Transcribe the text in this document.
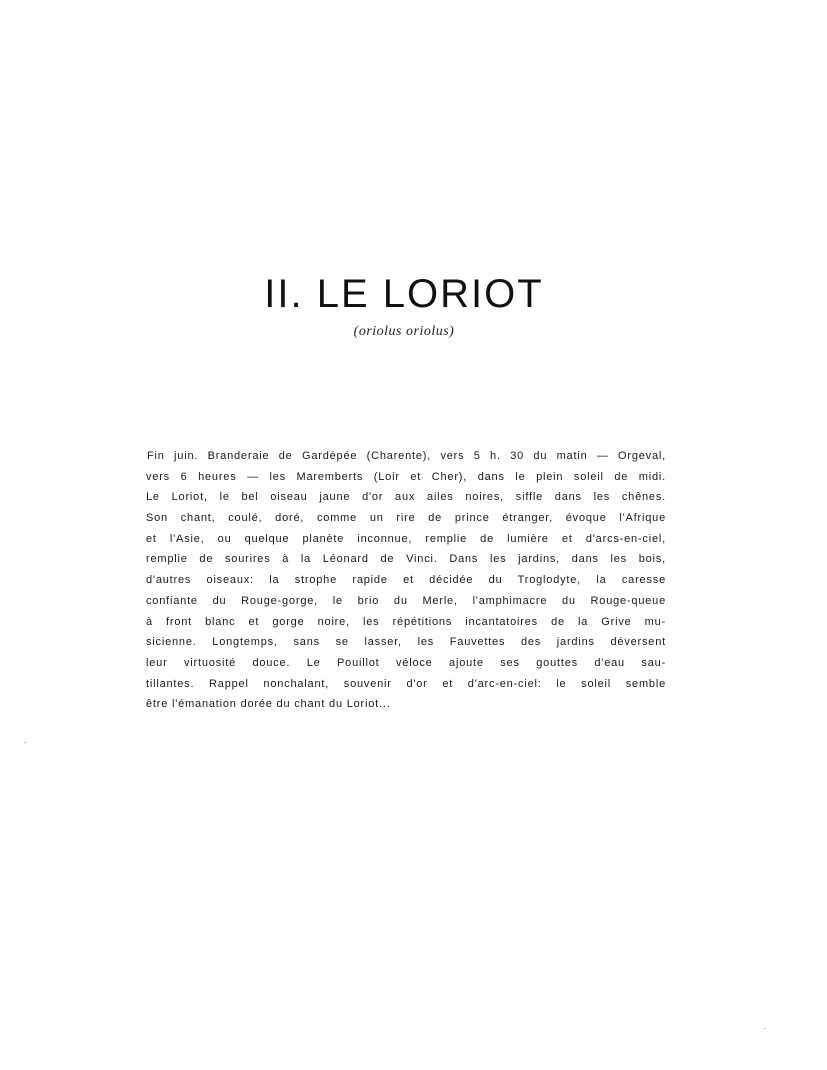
II. LE LORIOT
(oriolus oriolus)
Fin juin. Branderaie de Gardépée (Charente), vers 5 h. 30 du matin — Orgeval,
vers 6 heures — les Maremberts (Loir et Cher), dans le plein soleil de midi.
Le Loriot, le bel oiseau jaune d'or aux ailes noires, siffle dans les chênes.
Son chant, coulé, doré, comme un rire de prince étranger, évoque l'Afrique
et l'Asie, ou quelque planète inconnue, remplie de lumière et d'arcs-en-ciel,
remplie de sourires à la Léonard de Vinci. Dans les jardins, dans les bois,
d'autres oiseaux: la strophe rapide et décidée du Troglodyte, la caresse
confiante du Rouge-gorge, le brio du Merle, l'amphimacre du Rouge-queue
à front blanc et gorge noire, les répétitions incantatoires de la Grive mu-
sicienne. Longtemps, sans se lasser, les Fauvettes des jardins déversent
leur virtuosité douce. Le Pouillot véloce ajoute ses gouttes d'eau sau-
tillantes. Rappel nonchalant, souvenir d'or et d'arc-en-ciel: le soleil semble
être l'émanation dorée du chant du Loriot...
